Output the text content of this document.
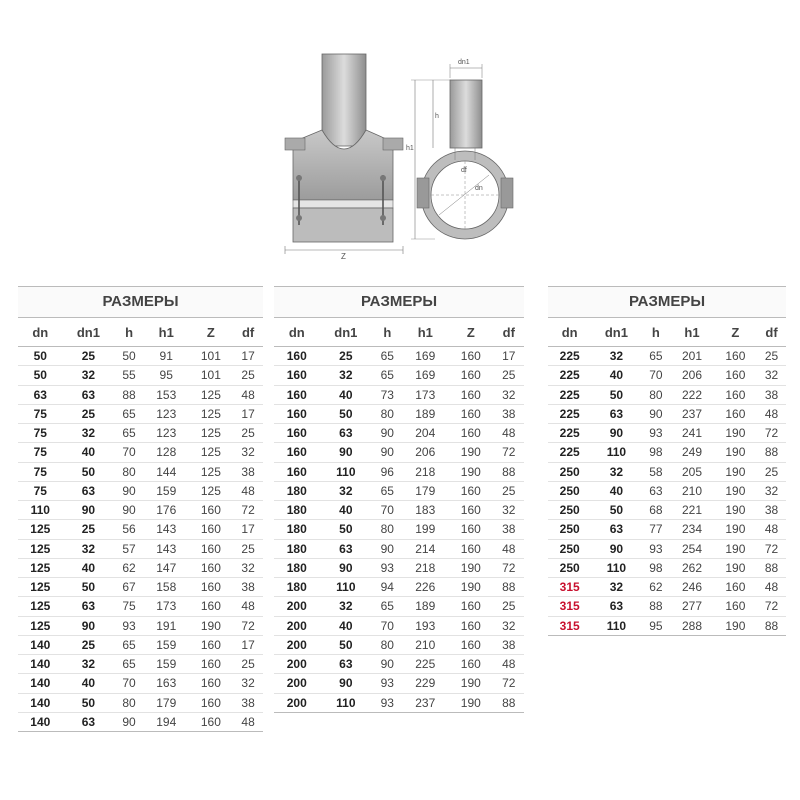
Z
dn1
h
h1
df
dn
РАЗМЕРЫ
dn	dn1	h	h1	Z	df
50	25	50	91	101	17
50	32	55	95	101	25
63	63	88	153	125	48
75	25	65	123	125	17
75	32	65	123	125	25
75	40	70	128	125	32
75	50	80	144	125	38
75	63	90	159	125	48
110	90	90	176	160	72
125	25	56	143	160	17
125	32	57	143	160	25
125	40	62	147	160	32
125	50	67	158	160	38
125	63	75	173	160	48
125	90	93	191	190	72
140	25	65	159	160	17
140	32	65	159	160	25
140	40	70	163	160	32
140	50	80	179	160	38
140	63	90	194	160	48
РАЗМЕРЫ
dn	dn1	h	h1	Z	df
160	25	65	169	160	17
160	32	65	169	160	25
160	40	73	173	160	32
160	50	80	189	160	38
160	63	90	204	160	48
160	90	90	206	190	72
160	110	96	218	190	88
180	32	65	179	160	25
180	40	70	183	160	32
180	50	80	199	160	38
180	63	90	214	160	48
180	90	93	218	190	72
180	110	94	226	190	88
200	32	65	189	160	25
200	40	70	193	160	32
200	50	80	210	160	38
200	63	90	225	160	48
200	90	93	229	190	72
200	110	93	237	190	88
РАЗМЕРЫ
dn	dn1	h	h1	Z	df
225	32	65	201	160	25
225	40	70	206	160	32
225	50	80	222	160	38
225	63	90	237	160	48
225	90	93	241	190	72
225	110	98	249	190	88
250	32	58	205	190	25
250	40	63	210	190	32
250	50	68	221	190	38
250	63	77	234	190	48
250	90	93	254	190	72
250	110	98	262	190	88
315	32	62	246	160	48
315	63	88	277	160	72
315	110	95	288	190	88
